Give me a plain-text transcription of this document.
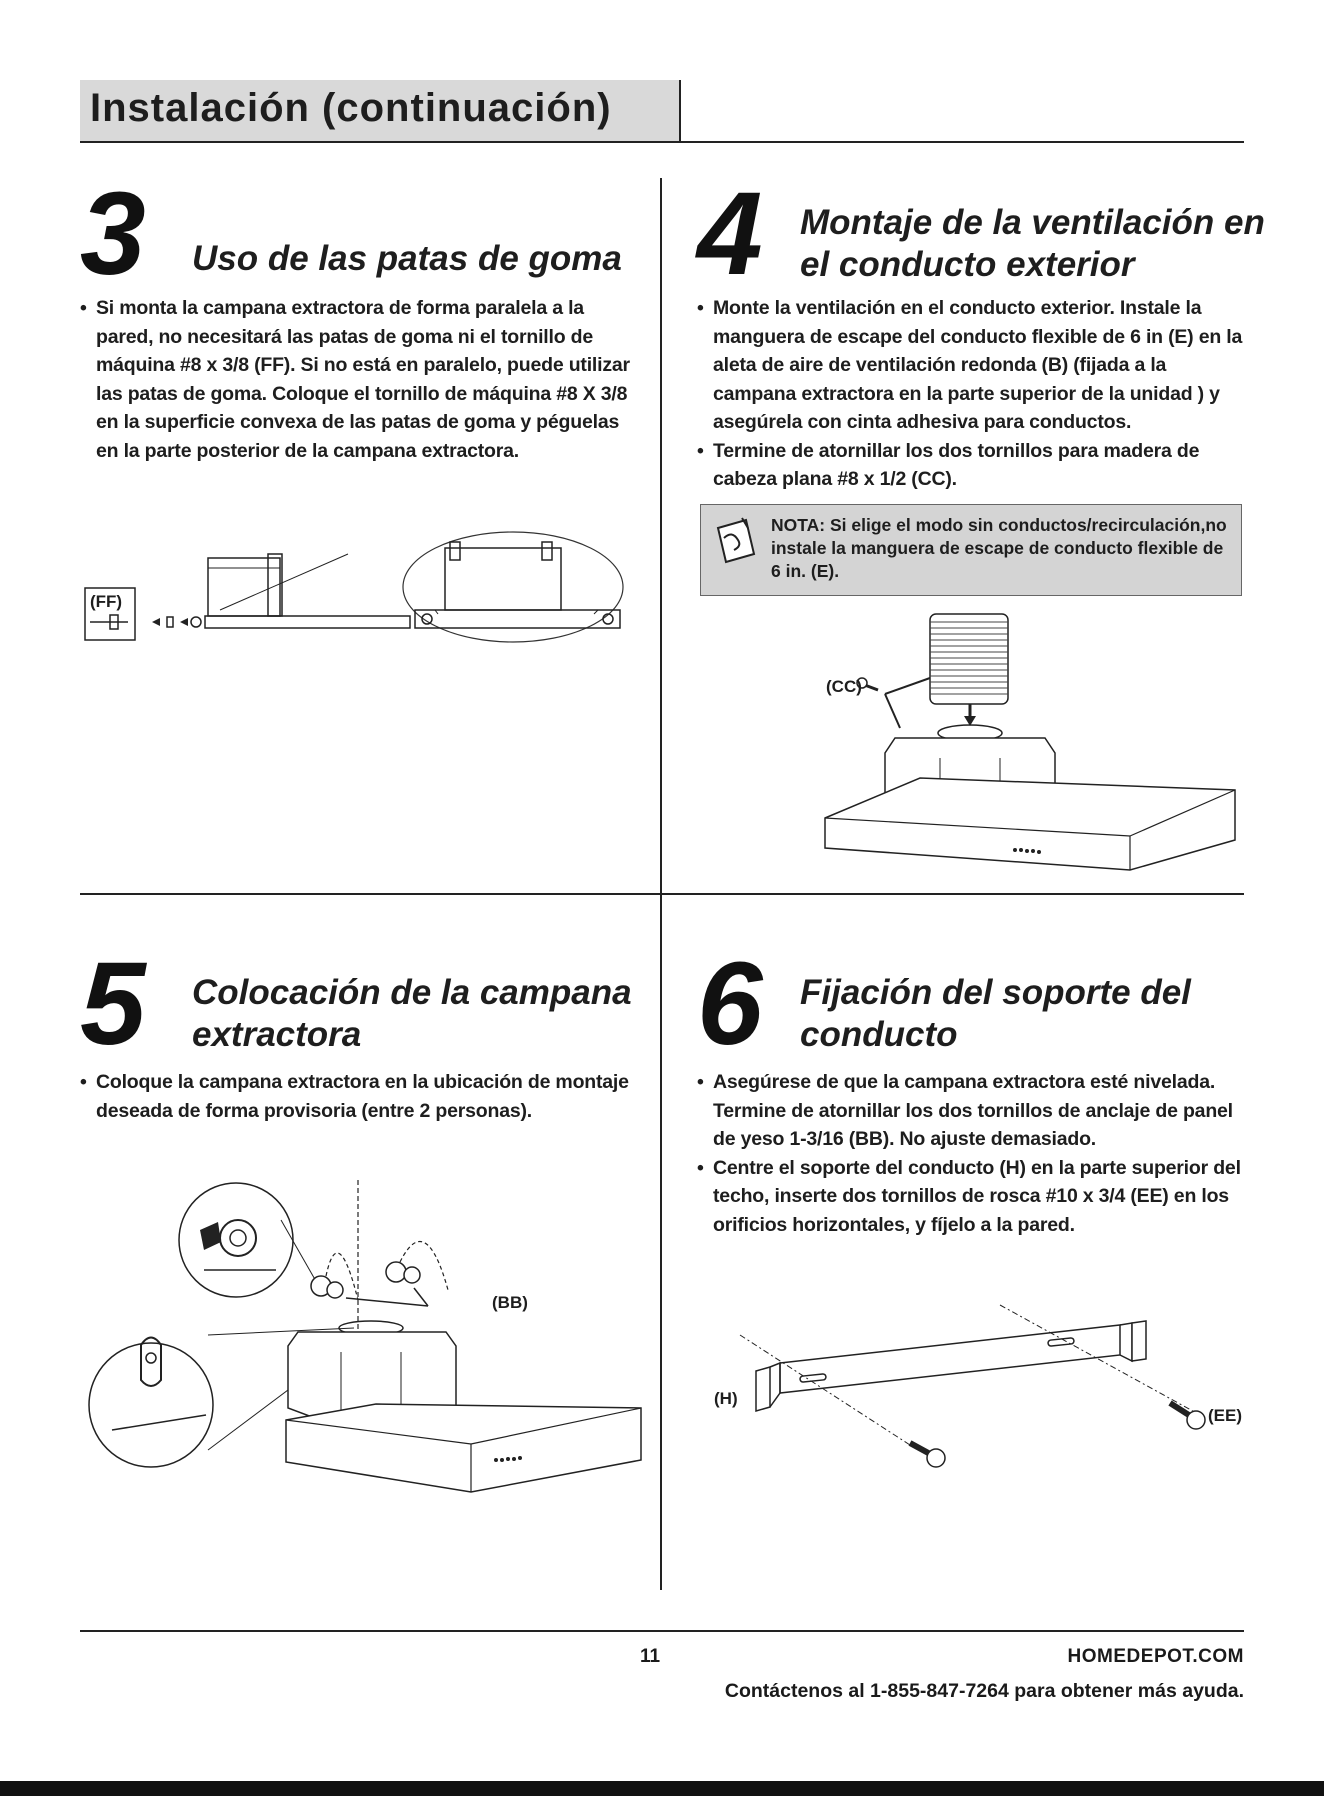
Instalación (continuación)
3 Uso de las patas de goma
• Si monta la campana extractora de forma paralela a la pared, no necesitará las patas de goma ni el tornillo de máquina #8 x 3/8 (FF). Si no está en paralelo, puede utilizar las patas de goma. Coloque el tornillo de máquina #8 X 3/8 en la superficie convexa de las patas de goma y péguelas en la parte posterior de la campana extractora.
(FF)
4 Montaje de la ventilación en
el conducto exterior
• Monte la ventilación en el conducto exterior. Instale la manguera de escape del conducto flexible de 6 in (E) en la aleta de aire de ventilación redonda (B) (fijada a la campana extractora en la parte superior de la unidad ) y asegúrela con cinta adhesiva para conductos.
• Termine de atornillar los dos tornillos para madera de cabeza plana #8 x 1/2 (CC).
NOTA: Si elige el modo sin conductos/recirculación,no instale la manguera de escape de conducto flexible de 6 in. (E).
(CC)
5 Colocación de la campana
extractora
• Coloque la campana extractora en la ubicación de montaje deseada de forma provisoria (entre 2 personas).
(BB)
6 Fijación del soporte del
conducto
• Asegúrese de que la campana extractora esté nivelada. Termine de atornillar los dos tornillos de anclaje de panel de yeso 1-3/16 (BB). No ajuste demasiado.
• Centre el soporte del conducto (H) en la parte superior del techo, inserte dos tornillos de rosca #10 x 3/4 (EE) en los orificios horizontales, y fíjelo a la pared.
(H)
(EE)
11	HOMEDEPOT.COM
Contáctenos al 1-855-847-7264 para obtener más ayuda.
